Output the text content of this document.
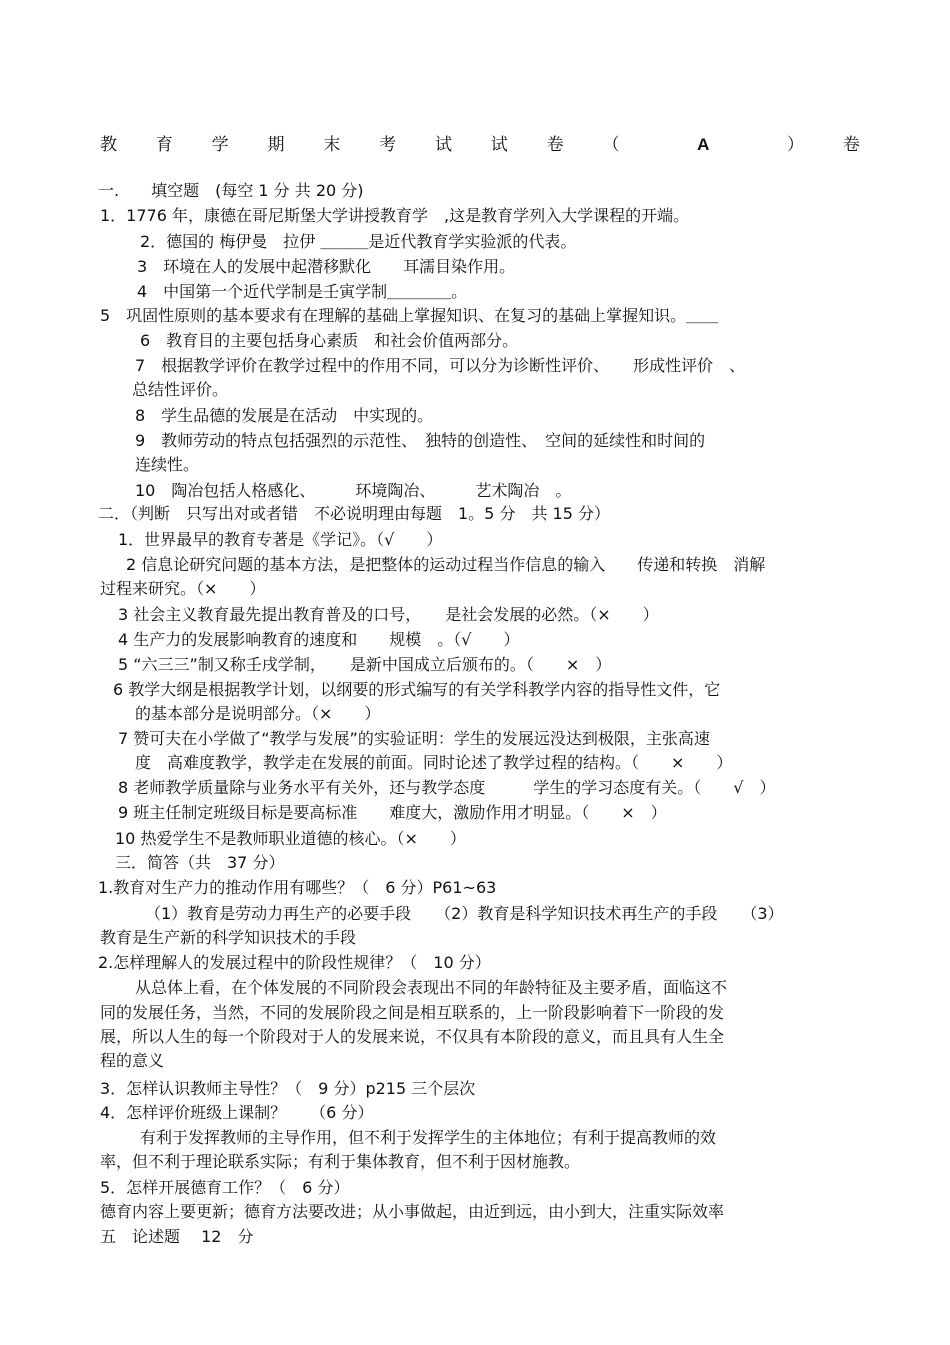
教 育 学 期 末 考 试 试 卷 （	A	） 卷
一.　　填空题　(每空 1 分 共 20 分)
1．1776 年，康德在哥尼斯堡大学讲授教育学　,这是教育学列入大学课程的开端。
2．德国的 梅伊曼　拉伊 ＿＿＿是近代教育学实验派的代表。
3　环境在人的发展中起潜移默化　　耳濡目染作用。
4　中国第一个近代学制是壬寅学制＿＿＿＿。
5　巩固性原则的基本要求有在理解的基础上掌握知识、在复习的基础上掌握知识。＿＿
6　教育目的主要包括身心素质　和社会价值两部分。
7　根据教学评价在教学过程中的作用不同，可以分为诊断性评价、　　形成性评价　、
总结性评价。
8　学生品德的发展是在活动　中实现的。
9　教师劳动的特点包括强烈的示范性、　独特的创造性、　空间的延续性和时间的
连续性。
10　陶冶包括人格感化、　　　环境陶冶、　　　艺术陶冶　。
二．（判断　只写出对或者错　不必说明理由每题　1。5 分　共 15 分）
1．世界最早的教育专著是《学记》。（√　　）
2 信息论研究问题的基本方法，是把整体的运动过程当作信息的输入　　传递和转换　消解
过程来研究。（×　　）
3 社会主义教育最先提出教育普及的口号，　　是社会发展的必然。（×　　）
4 生产力的发展影响教育的速度和　　规模　。（√　　）
5 “六三三”制又称壬戌学制，　　是新中国成立后颁布的。（　　×　）
6 教学大纲是根据教学计划，以纲要的形式编写的有关学科教学内容的指导性文件，它
的基本部分是说明部分。（×　　）
7 赞可夫在小学做了“教学与发展”的实验证明：学生的发展远没达到极限，主张高速
度　高难度教学，教学走在发展的前面。同时论述了教学过程的结构。（　　×　　）
8 老师教学质量除与业务水平有关外，还与教学态度　　　学生的学习态度有关。（　　√　）
9 班主任制定班级目标是要高标准　　难度大，激励作用才明显。（　　×　）
10 热爱学生不是教师职业道德的核心。（×　　）
三．简答（共　37 分）
1.教育对生产力的推动作用有哪些？（　6 分）P61~63
（1）教育是劳动力再生产的必要手段　　（2）教育是科学知识技术再生产的手段　　（3）
教育是生产新的科学知识技术的手段
2.怎样理解人的发展过程中的阶段性规律？（　10 分）
从总体上看，在个体发展的不同阶段会表现出不同的年龄特征及主要矛盾，面临这不
同的发展任务，当然，不同的发展阶段之间是相互联系的，上一阶段影响着下一阶段的发
展，所以人生的每一个阶段对于人的发展来说，不仅具有本阶段的意义，而且具有人生全
程的意义
3．怎样认识教师主导性？（　9 分）p215 三个层次
4．怎样评价班级上课制？　　（6 分）
有利于发挥教师的主导作用，但不利于发挥学生的主体地位；有利于提高教师的效
率，但不利于理论联系实际；有利于集体教育，但不利于因材施教。
5．怎样开展德育工作？（　6 分）
德育内容上要更新；德育方法要改进；从小事做起，由近到远，由小到大，注重实际效率
五　论述题　 12　分
